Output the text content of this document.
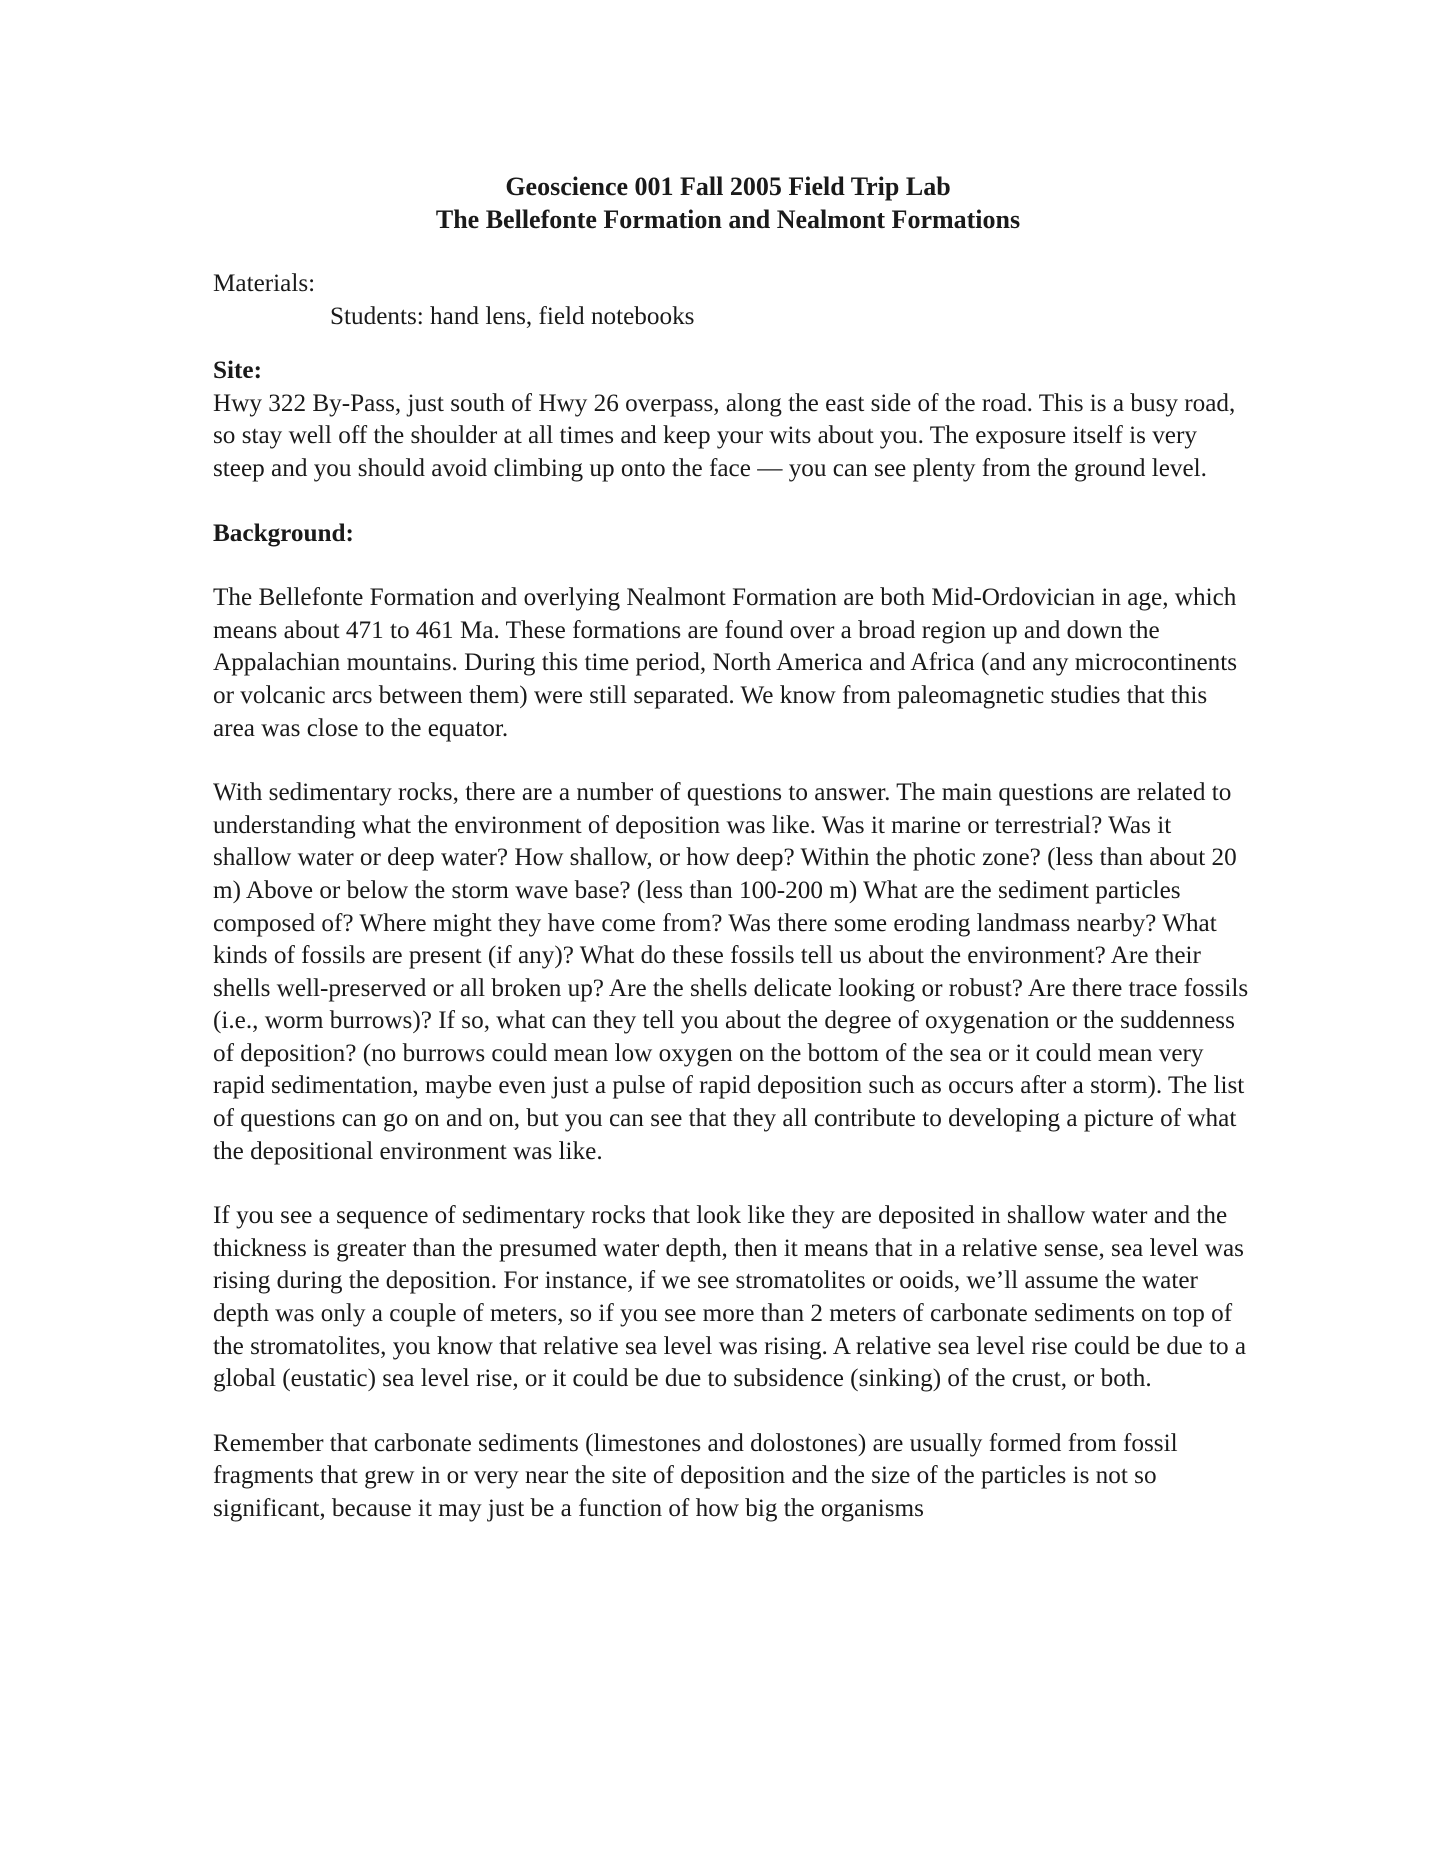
Geoscience 001 Fall 2005 Field Trip Lab
The Bellefonte Formation and Nealmont Formations

Materials:

Students: hand lens, field notebooks

Site:

Hwy 322 By-Pass, just south of Hwy 26 overpass, along the east side of the road. This is a busy road, so stay well off the shoulder at all times and keep your wits about you. The exposure itself is very steep and you should avoid climbing up onto the face — you can see plenty from the ground level.

Background:

The Bellefonte Formation and overlying Nealmont Formation are both Mid-Ordovician in age, which means about 471 to 461 Ma. These formations are found over a broad region up and down the Appalachian mountains. During this time period, North America and Africa (and any microcontinents or volcanic arcs between them) were still separated. We know from paleomagnetic studies that this area was close to the equator.

With sedimentary rocks, there are a number of questions to answer. The main questions are related to understanding what the environment of deposition was like. Was it marine or terrestrial? Was it shallow water or deep water? How shallow, or how deep? Within the photic zone? (less than about 20 m) Above or below the storm wave base? (less than 100-200 m) What are the sediment particles composed of? Where might they have come from? Was there some eroding landmass nearby? What kinds of fossils are present (if any)? What do these fossils tell us about the environment? Are their shells well-preserved or all broken up? Are the shells delicate looking or robust? Are there trace fossils (i.e., worm burrows)? If so, what can they tell you about the degree of oxygenation or the suddenness of deposition? (no burrows could mean low oxygen on the bottom of the sea or it could mean very rapid sedimentation, maybe even just a pulse of rapid deposition such as occurs after a storm). The list of questions can go on and on, but you can see that they all contribute to developing a picture of what the depositional environment was like.

If you see a sequence of sedimentary rocks that look like they are deposited in shallow water and the thickness is greater than the presumed water depth, then it means that in a relative sense, sea level was rising during the deposition. For instance, if we see stromatolites or ooids, we’ll assume the water depth was only a couple of meters, so if you see more than 2 meters of carbonate sediments on top of the stromatolites, you know that relative sea level was rising. A relative sea level rise could be due to a global (eustatic) sea level rise, or it could be due to subsidence (sinking) of the crust, or both.

Remember that carbonate sediments (limestones and dolostones) are usually formed from fossil fragments that grew in or very near the site of deposition and the size of the particles is not so significant, because it may just be a function of how big the organisms
